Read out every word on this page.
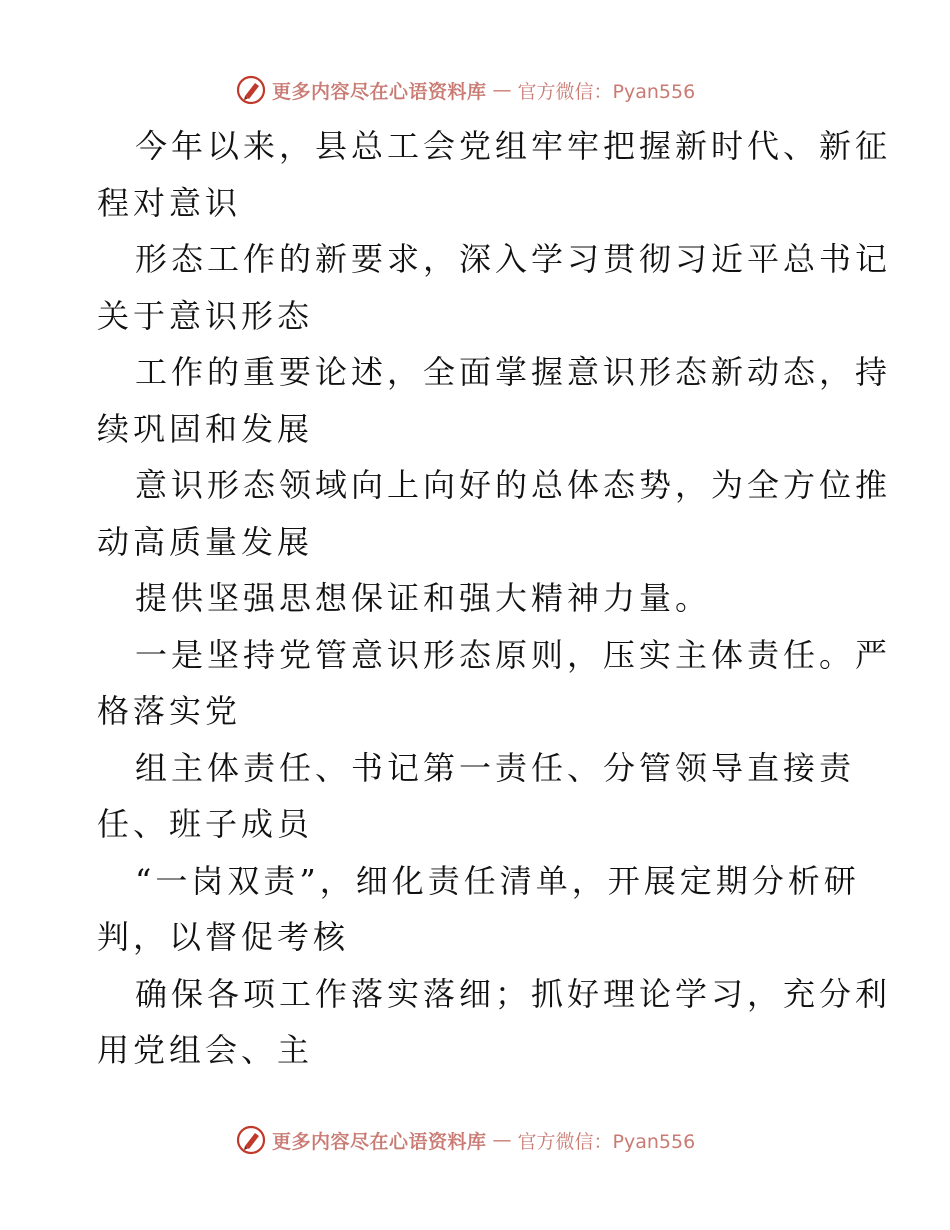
更多内容尽在心语资料库 — 官方微信：Pyan556
今年以来，县总工会党组牢牢把握新时代、新征
程对意识
形态工作的新要求，深入学习贯彻习近平总书记
关于意识形态
工作的重要论述，全面掌握意识形态新动态，持
续巩固和发展
意识形态领域向上向好的总体态势，为全方位推
动高质量发展
提供坚强思想保证和强大精神力量。
一是坚持党管意识形态原则，压实主体责任。严
格落实党
组主体责任、书记第一责任、分管领导直接责
任、班子成员
“一岗双责”，细化责任清单，开展定期分析研
判，以督促考核
确保各项工作落实落细；抓好理论学习，充分利
用党组会、主
更多内容尽在心语资料库 — 官方微信：Pyan556
